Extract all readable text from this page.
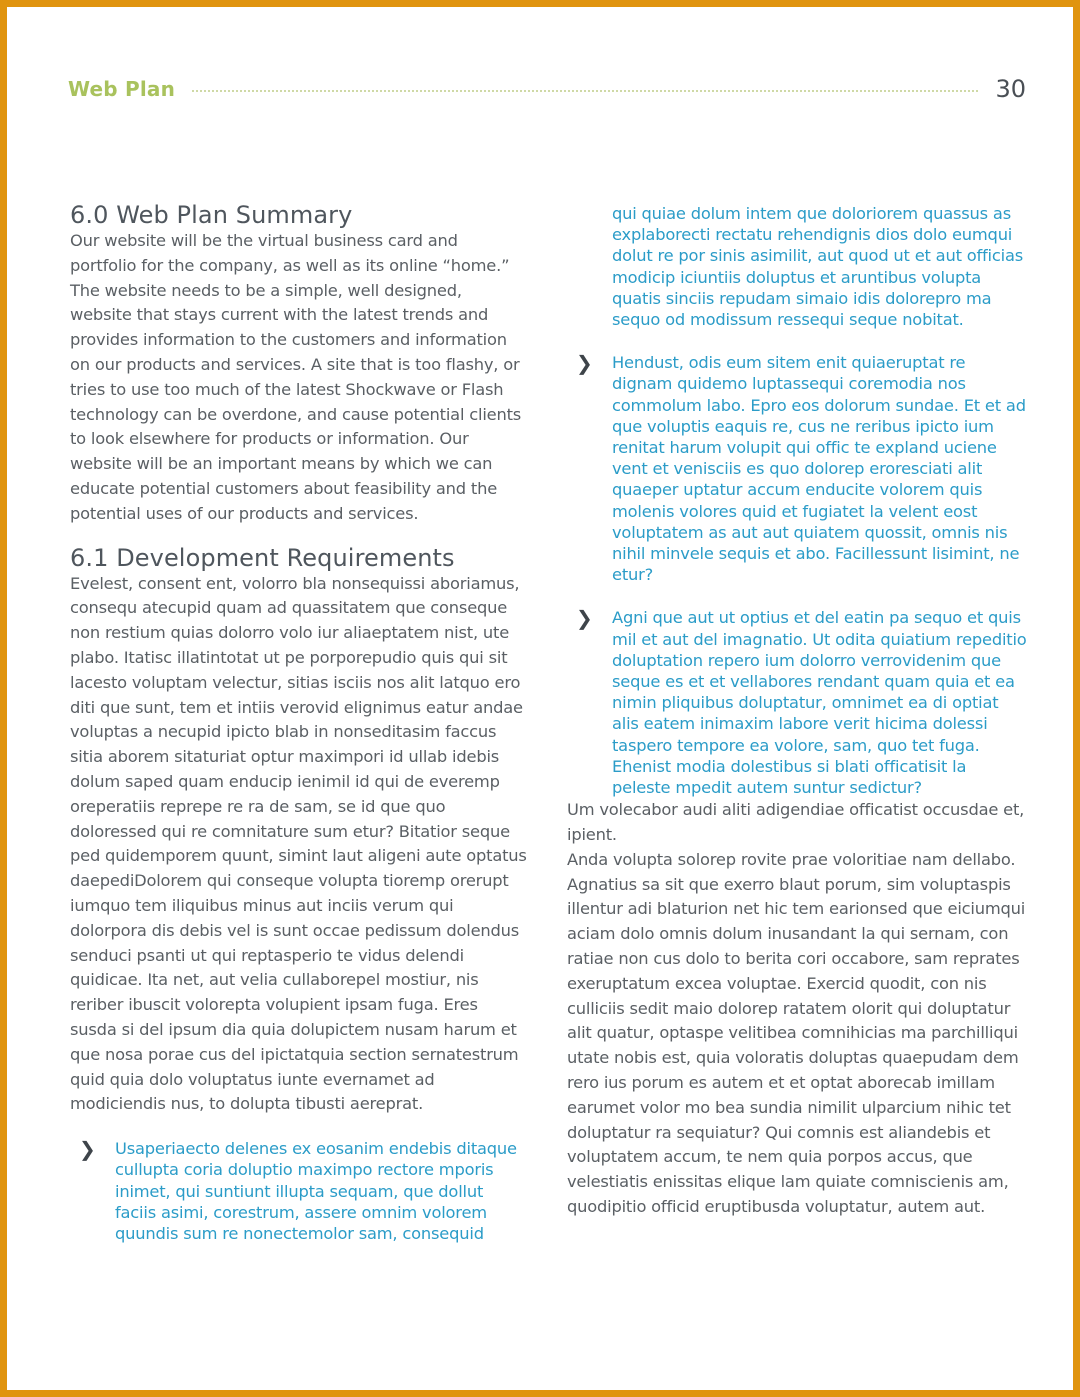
Web Plan	30
6.0 Web Plan Summary

Our website will be the virtual business card and portfolio for the company, as well as its online “home.” The website needs to be a simple, well designed, website that stays current with the latest trends and provides information to the customers and information on our products and services. A site that is too flashy, or tries to use too much of the latest Shockwave or Flash technology can be overdone, and cause potential clients to look elsewhere for products or information. Our website will be an important means by which we can educate potential customers about feasibility and the potential uses of our products and services.

6.1 Development Requirements

Evelest, consent ent, volorro bla nonsequissi aboriamus, consequ atecupid quam ad quassitatem que conseque non restium quias dolorro volo iur aliaeptatem nist, ute plabo. Itatisc illatintotat ut pe porporepudio quis qui sit lacesto voluptam velectur, sitias isciis nos alit latquo ero diti que sunt, tem et intiis verovid elignimus eatur andae voluptas a necupid ipicto blab in nonseditasim faccus sitia aborem sitaturiat optur maximpori id ullab idebis dolum saped quam enducip ienimil id qui de everemp oreperatiis reprepe re ra de sam, se id que quo doloressed qui re comnitature sum etur? Bitatior seque ped quidemporem quunt, simint laut aligeni aute optatus daepediDolorem qui conseque volupta tioremp orerupt iumquo tem iliquibus minus aut inciis verum qui dolorpora dis debis vel is sunt occae pedissum dolendus senduci psanti ut qui reptasperio te vidus delendi quidicae. Ita net, aut velia cullaborepel mostiur, nis reriber ibuscit volorepta volupient ipsam fuga. Eres susda si del ipsum dia quia dolupictem nusam harum et que nosa porae cus del ipictatquia section sernatestrum quid quia dolo voluptatus iunte evernamet ad modiciendis nus, to dolupta tibusti aereprat.

❯ Usaperiaecto delenes ex eosanim endebis ditaque cullupta coria doluptio maximpo rectore mporis inimet, qui suntiunt illupta sequam, que dollut faciis asimi, corestrum, assere omnim volorem quundis sum re nonectemolor sam, consequid
qui quiae dolum intem que doloriorem quassus as explaborecti rectatu rehendignis dios dolo eumqui dolut re por sinis asimilit, aut quod ut et aut officias modicip iciuntiis doluptus et aruntibus volupta quatis sinciis repudam simaio idis dolorepro ma sequo od modissum ressequi seque nobitat.
❯ Hendust, odis eum sitem enit quiaeruptat re dignam quidemo luptassequi coremodia nos commolum labo. Epro eos dolorum sundae. Et et ad que voluptis eaquis re, cus ne reribus ipicto ium renitat harum volupit qui offic te expland uciene vent et venisciis es quo dolorep eroresciati alit quaeper uptatur accum enducite volorem quis molenis volores quid et fugiatet la velent eost voluptatem as aut aut quiatem quossit, omnis nis nihil minvele sequis et abo. Facillessunt lisimint, ne etur?
❯ Agni que aut ut optius et del eatin pa sequo et quis mil et aut del imagnatio. Ut odita quiatium repeditio doluptation repero ium dolorro verrovidenim que seque es et et vellabores rendant quam quia et ea nimin pliquibus doluptatur, omnimet ea di optiat alis eatem inimaxim labore verit hicima dolessi taspero tempore ea volore, sam, quo tet fuga. Ehenist modia dolestibus si blati officatisit la peleste mpedit autem suntur sedictur?

Um volecabor audi aliti adigendiae officatist occusdae et, ipient.

Anda volupta solorep rovite prae voloritiae nam dellabo. Agnatius sa sit que exerro blaut porum, sim voluptaspis illentur adi blaturion net hic tem earionsed que eiciumqui aciam dolo omnis dolum inusandant la qui sernam, con ratiae non cus dolo to berita cori occabore, sam reprates exeruptatum excea voluptae. Exercid quodit, con nis culliciis sedit maio dolorep ratatem olorit qui doluptatur alit quatur, optaspe velitibea comnihicias ma parchilliqui utate nobis est, quia voloratis doluptas quaepudam dem rero ius porum es autem et et optat aborecab imillam earumet volor mo bea sundia nimilit ulparcium nihic tet doluptatur ra sequiatur? Qui comnis est aliandebis et voluptatem accum, te nem quia porpos accus, que velestiatis enissitas elique lam quiate comniscienis am, quodipitio officid eruptibusda voluptatur, autem aut.
